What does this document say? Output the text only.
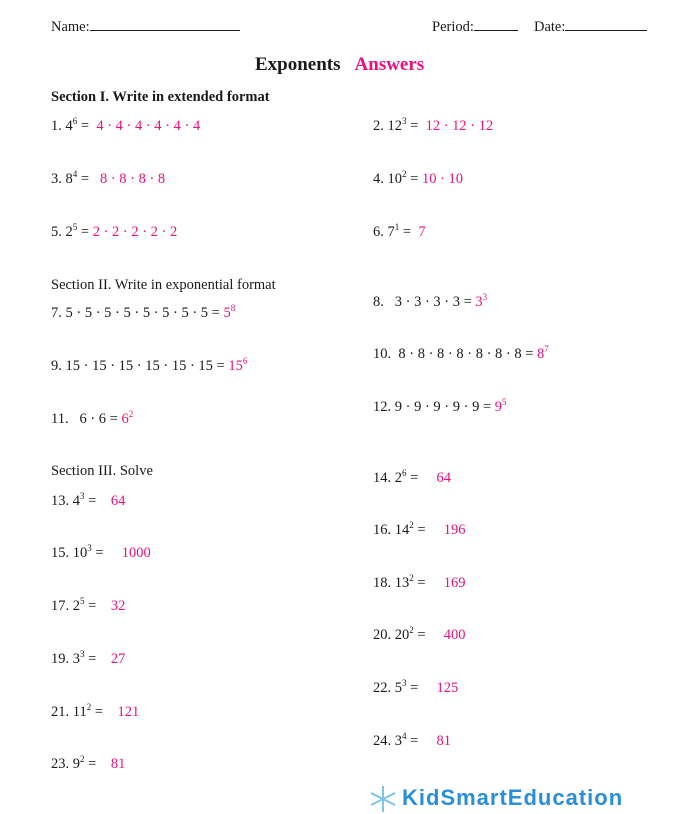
Name:	Period:	Date:
Exponents Answers
Section I. Write in extended format
1. $4^6 = 4 \cdot 4 \cdot 4 \cdot 4 \cdot 4 \cdot 4$	2. $12^3 = 12 \cdot 12 \cdot 12$
3. $8^4 = 8 \cdot 8 \cdot 8 \cdot 8$	4. $10^2 = 10 \cdot 10$
5. $2^5 = 2 \cdot 2 \cdot 2 \cdot 2 \cdot 2$	6. $7^1 = 7$
Section II. Write in exponential format
7. $5 \cdot 5 \cdot 5 \cdot 5 \cdot 5 \cdot 5 \cdot 5 \cdot 5 = 5^8$	8. $3 \cdot 3 \cdot 3 \cdot 3 = 3^3$
10. $8 \cdot 8 \cdot 8 \cdot 8 \cdot 8 \cdot 8 \cdot 8 = 8^7$
9. $15 \cdot 15 \cdot 15 \cdot 15 \cdot 15 \cdot 15 = 15^6$
12. $9 \cdot 9 \cdot 9 \cdot 9 \cdot 9 = 9^5$
11. $6 \cdot 6 = 6^2$
Section III. Solve	14. $2^6 = 64$
13. $4^3 = 64$
16. $14^2 = 196$
15. $10^3 = 1000$
18. $13^2 = 169$
17. $2^5 = 32$
20. $20^2 = 400$
19. $3^3 = 27$
22. $5^3 = 125$
21. $11^2 = 121$
24. $3^4 = 81$
23. $9^2 = 81$
KidSmartEducation
